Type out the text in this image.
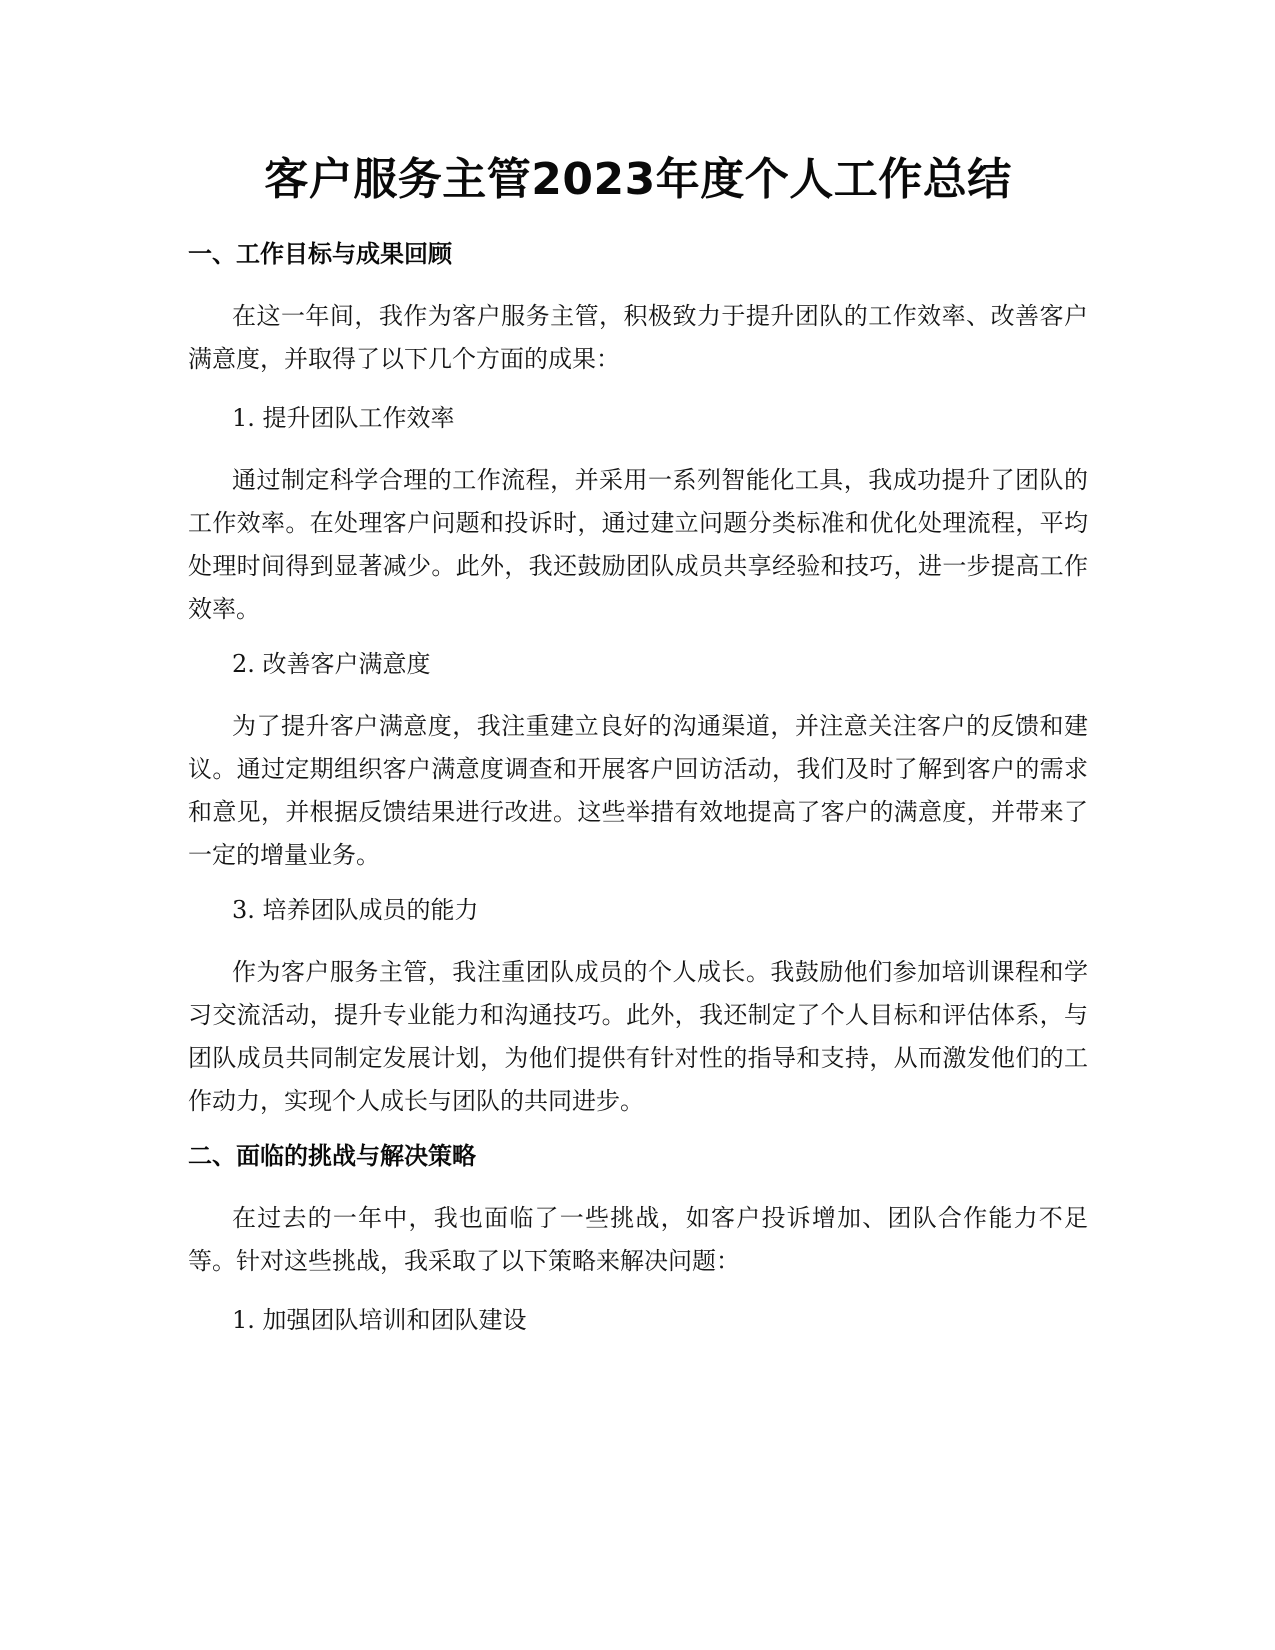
客户服务主管2023年度个人工作总结
一、工作目标与成果回顾

在这一年间，我作为客户服务主管，积极致力于提升团队的工作效率、改善客户满意度，并取得了以下几个方面的成果：

1. 提升团队工作效率

通过制定科学合理的工作流程，并采用一系列智能化工具，我成功提升了团队的工作效率。在处理客户问题和投诉时，通过建立问题分类标准和优化处理流程，平均处理时间得到显著减少。此外，我还鼓励团队成员共享经验和技巧，进一步提高工作效率。

2. 改善客户满意度

为了提升客户满意度，我注重建立良好的沟通渠道，并注意关注客户的反馈和建议。通过定期组织客户满意度调查和开展客户回访活动，我们及时了解到客户的需求和意见，并根据反馈结果进行改进。这些举措有效地提高了客户的满意度，并带来了一定的增量业务。

3. 培养团队成员的能力

作为客户服务主管，我注重团队成员的个人成长。我鼓励他们参加培训课程和学习交流活动，提升专业能力和沟通技巧。此外，我还制定了个人目标和评估体系，与团队成员共同制定发展计划，为他们提供有针对性的指导和支持，从而激发他们的工作动力，实现个人成长与团队的共同进步。

二、面临的挑战与解决策略

在过去的一年中，我也面临了一些挑战，如客户投诉增加、团队合作能力不足等。针对这些挑战，我采取了以下策略来解决问题：

1. 加强团队培训和团队建设
